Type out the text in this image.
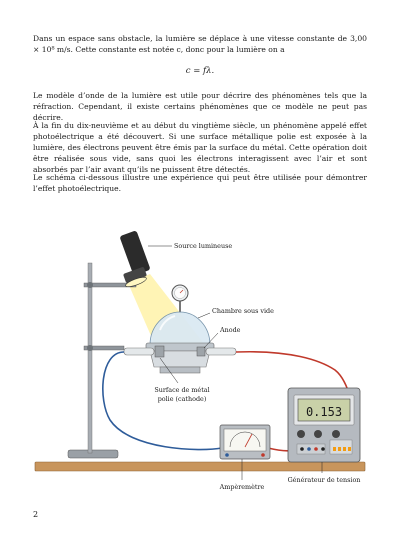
Dans un espace sans obstacle, la lumière se déplace à une vitesse constante de 3,00 × 10⁸ m/s. Cette constante est notée c, donc pour la lumière on a

c = fλ.

Le modèle d’onde de la lumière est utile pour décrire des phénomènes tels que la réfraction. Cependant, il existe certains phénomènes que ce modèle ne peut pas décrire.

À la fin du dix-neuvième et au début du vingtième siècle, un phénomène appelé effet photoélectrique a été découvert. Si une surface métallique polie est exposée à la lumière, des électrons peuvent être émis par la surface du métal. Cette opération doit être réalisée sous vide, sans quoi les électrons interagissent avec l’air et sont absorbés par l’air avant qu’ils ne puissent être détectés.

Le schéma ci-dessous illustre une expérience qui peut être utilisée pour démontrer l’effet photoélectrique.

0.153
Source lumineuse
Chambre sous vide
Anode
Surface de métal
polie (cathode)
Ampèremètre
Générateur de tension
2
